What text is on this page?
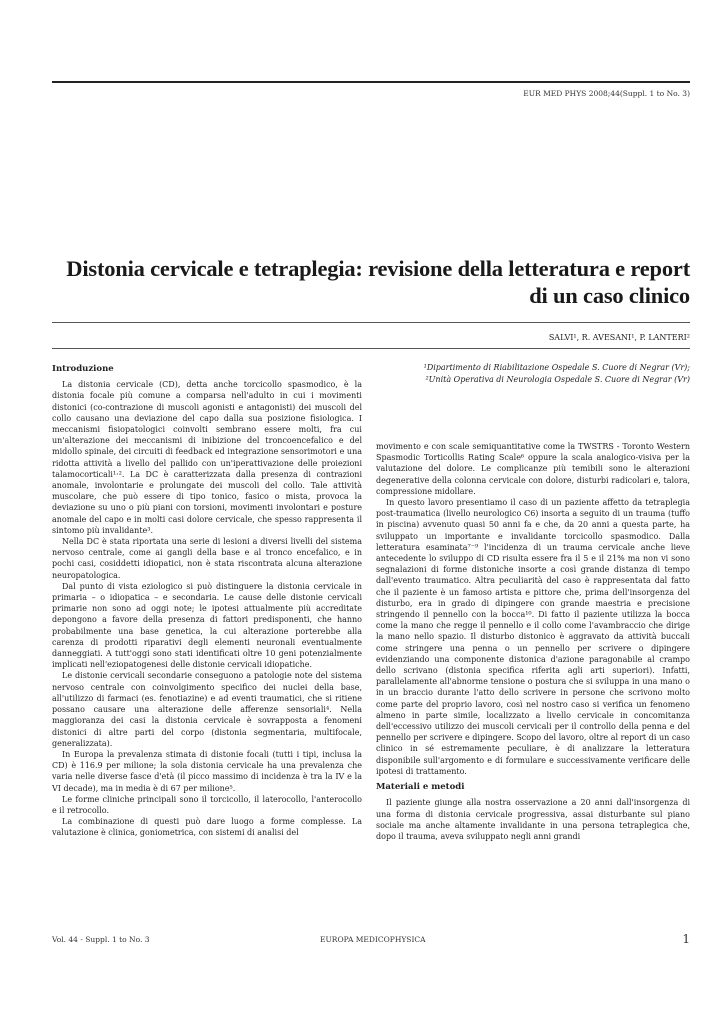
EUR MED PHYS 2008;44(Suppl. 1 to No. 3)
Distonia cervicale e tetraplegia: revisione della letteratura e report di un caso clinico
SALVI¹, R. AVESANI¹, P. LANTERI²
¹Dipartimento di Riabilitazione Ospedale S. Cuore di Negrar (Vr);
²Unità Operativa di Neurologia Ospedale S. Cuore di Negrar (Vr)
Introduzione

La distonia cervicale (CD), detta anche torcicollo spasmodico, è la distonia focale più comune a comparsa nell'adulto in cui i movimenti distonici (co-contrazione di muscoli agonisti e antagonisti) dei muscoli del collo causano una deviazione del capo dalla sua posizione fisiologica. I meccanismi fisiopatologici coinvolti sembrano essere molti, fra cui un'alterazione dei meccanismi di inibizione del troncoencefalico e del midollo spinale, dei circuiti di feedback ed integrazione sensorimotori e una ridotta attività a livello del pallido con un'iperattivazione delle proiezioni talamocorticali¹·². La DC è caratterizzata dalla presenza di contrazioni anomale, involontarie e prolungate dei muscoli del collo. Tale attività muscolare, che può essere di tipo tonico, fasico o mista, provoca la deviazione su uno o più piani con torsioni, movimenti involontari e posture anomale del capo e in molti casi dolore cervicale, che spesso rappresenta il sintomo più invalidante³.

Nella DC è stata riportata una serie di lesioni a diversi livelli del sistema nervoso centrale, come ai gangli della base e al tronco encefalico, e in pochi casi, cosiddetti idiopatici, non è stata riscontrata alcuna alterazione neuropatologica.

Dal punto di vista eziologico si può distinguere la distonia cervicale in primaria – o idiopatica – e secondaria. Le cause delle distonie cervicali primarie non sono ad oggi note; le ipotesi attualmente più accreditate depongono a favore della presenza di fattori predisponenti, che hanno probabilmente una base genetica, la cui alterazione porterebbe alla carenza di prodotti riparativi degli elementi neuronali eventualmente danneggiati. A tutt'oggi sono stati identificati oltre 10 geni potenzialmente implicati nell'eziopatogenesi delle distonie cervicali idiopatiche.

Le distonie cervicali secondarie conseguono a patologie note del sistema nervoso centrale con coinvolgimento specifico dei nuclei della base, all'utilizzo di farmaci (es. fenotiazine) e ad eventi traumatici, che si ritiene possano causare una alterazione delle afferenze sensoriali⁴. Nella maggioranza dei casi la distonia cervicale è sovrapposta a fenomeni distonici di altre parti del corpo (distonia segmentaria, multifocale, generalizzata).

In Europa la prevalenza stimata di distonie focali (tutti i tipi, inclusa la CD) è 116.9 per milione; la sola distonia cervicale ha una prevalenza che varia nelle diverse fasce d'età (il picco massimo di incidenza è tra la IV e la VI decade), ma in media è di 67 per milione⁵.

Le forme cliniche principali sono il torcicollo, il laterocollo, l'anterocollo e il retrocollo.

La combinazione di questi può dare luogo a forme complesse. La valutazione è clinica, goniometrica, con sistemi di analisi del

movimento e con scale semiquantitative come la TWSTRS - Toronto Western Spasmodic Torticollis Rating Scale⁶ oppure la scala analogico-visiva per la valutazione del dolore. Le complicanze più temibili sono le alterazioni degenerative della colonna cervicale con dolore, disturbi radicolari e, talora, compressione midollare.

In questo lavoro presentiamo il caso di un paziente affetto da tetraplegia post-traumatica (livello neurologico C6) insorta a seguito di un trauma (tuffo in piscina) avvenuto quasi 50 anni fa e che, da 20 anni a questa parte, ha sviluppato un importante e invalidante torcicollo spasmodico. Dalla letteratura esaminata⁷⁻⁹ l'incidenza di un trauma cervicale anche lieve antecedente lo sviluppo di CD risulta essere fra il 5 e il 21% ma non vi sono segnalazioni di forme distoniche insorte a così grande distanza di tempo dall'evento traumatico. Altra peculiarità del caso è rappresentata dal fatto che il paziente è un famoso artista e pittore che, prima dell'insorgenza del disturbo, era in grado di dipingere con grande maestria e precisione stringendo il pennello con la bocca¹⁰. Di fatto il paziente utilizza la bocca come la mano che regge il pennello e il collo come l'avambraccio che dirige la mano nello spazio. Il disturbo distonico è aggravato da attività buccali come stringere una penna o un pennello per scrivere o dipingere evidenziando una componente distonica d'azione paragonabile al crampo dello scrivano (distonia specifica riferita agli arti superiori). Infatti, parallelamente all'abnorme tensione o postura che si sviluppa in una mano o in un braccio durante l'atto dello scrivere in persone che scrivono molto come parte del proprio lavoro, così nel nostro caso si verifica un fenomeno almeno in parte simile, localizzato a livello cervicale in concomitanza dell'eccessivo utilizzo dei muscoli cervicali per il controllo della penna e del pennello per scrivere e dipingere. Scopo del lavoro, oltre al report di un caso clinico in sé estremamente peculiare, è di analizzare la letteratura disponibile sull'argomento e di formulare e successivamente verificare delle ipotesi di trattamento.

Materiali e metodi

Il paziente giunge alla nostra osservazione a 20 anni dall'insorgenza di una forma di distonia cervicale progressiva, assai disturbante sul piano sociale ma anche altamente invalidante in una persona tetraplegica che, dopo il trauma, aveva sviluppato negli anni grandi

Vol. 44 - Suppl. 1 to No. 3	EUROPA MEDICOPHYSICA	1
